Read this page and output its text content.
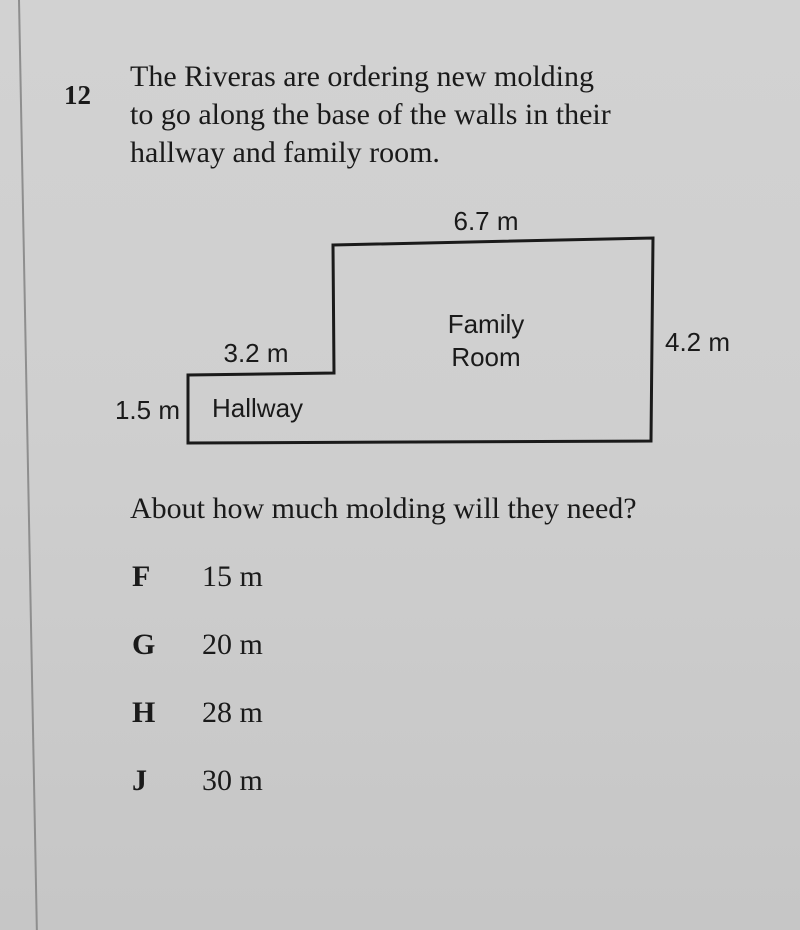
12
The Riveras are ordering new molding
to go along the base of the walls in their
hallway and family room.
6.7 m
4.2 m
3.2 m
1.5 m
Family
Room
Hallway
About how much molding will they need?
F	15 m
G 20 m
H 28 m
J	30 m
